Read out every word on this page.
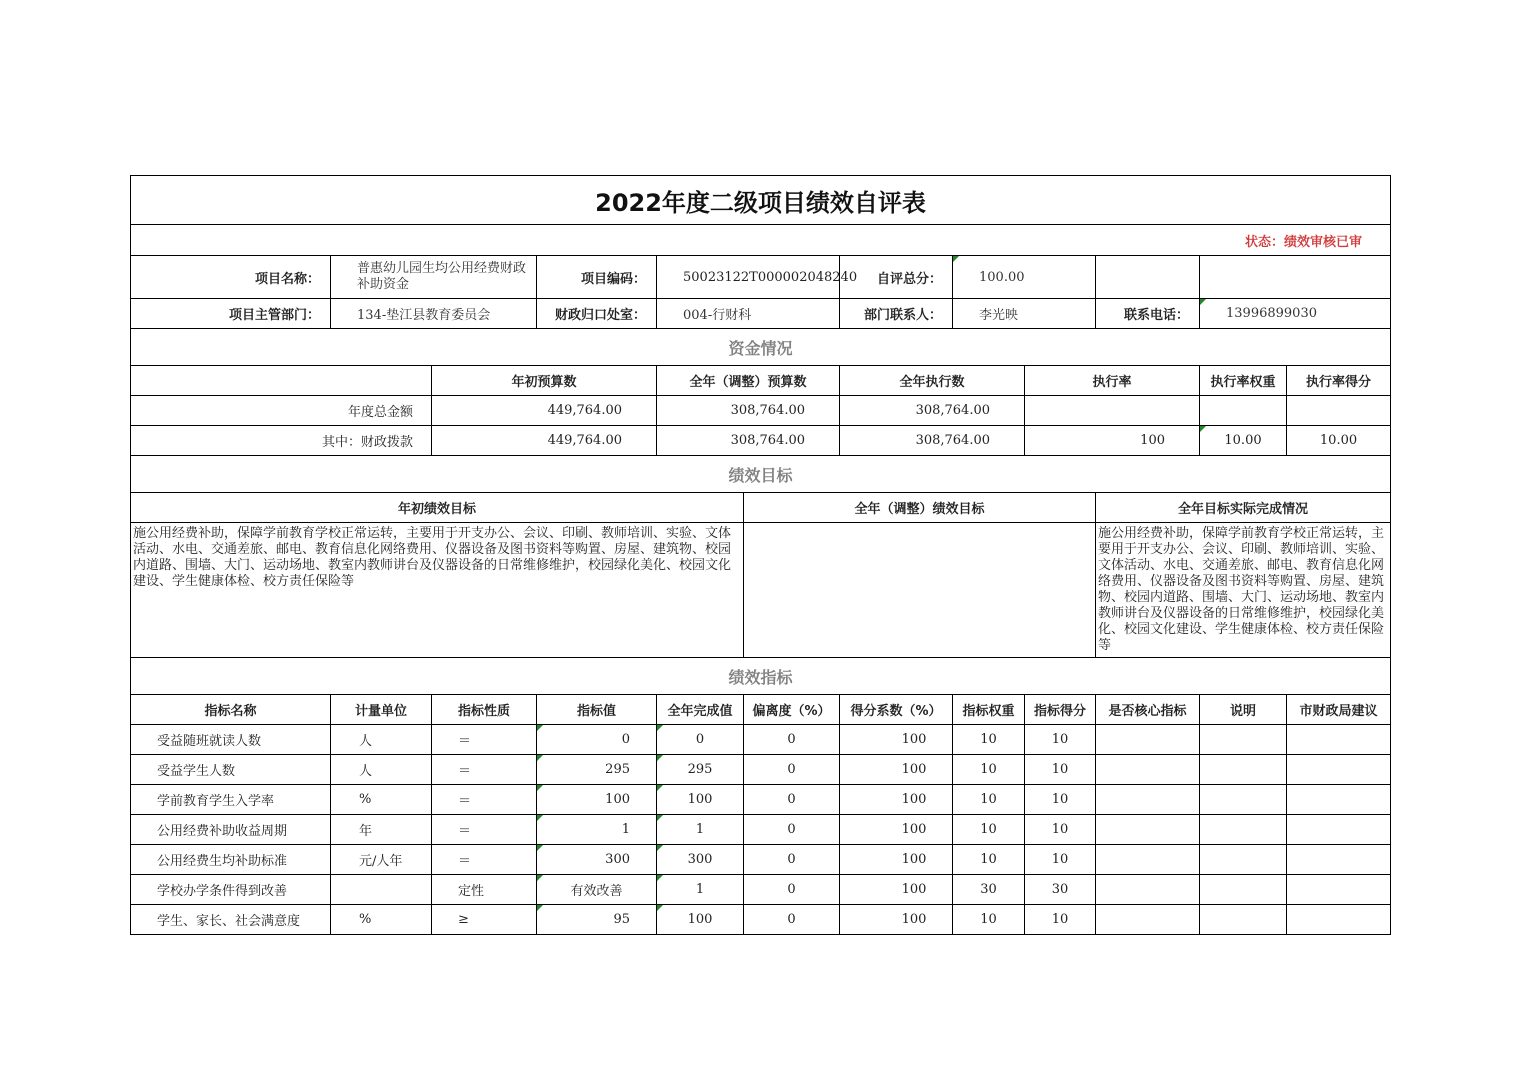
2022年度二级项目绩效自评表											
状态：绩效审核已审											
项目名称：	普惠幼儿园生均公用经费财政补助资金		项目编码：	50023122T000002048240		自评总分：	100.00				
项目主管部门：	134-垫江县教育委员会		财政归口处室：	004-行财科		部门联系人：	李光映		联系电话：	13996899030	
资金情况											
		年初预算数		全年（调整）预算数		全年执行数		执行率		执行率权重	执行率得分
年度总金额		449,764.00		308,764.00		308,764.00					
其中：财政拨款		449,764.00		308,764.00		308,764.00		100		10.00	10.00
绩效目标											
年初绩效目标					全年（调整）绩效目标				全年目标实际完成情况		
施公用经费补助，保障学前教育学校正常运转，主要用于开支办公、会议、印刷、教师培训、实验、文体活动、水电、交通差旅、邮电、教育信息化网络费用、仪器设备及图书资料等购置、房屋、建筑物、校园内道路、围墙、大门、运动场地、教室内教师讲台及仪器设备的日常维修维护，校园绿化美化、校园文化建设、学生健康体检、校方责任保险等									施公用经费补助，保障学前教育学校正常运转，主要用于开支办公、会议、印刷、教师培训、实验、文体活动、水电、交通差旅、邮电、教育信息化网络费用、仪器设备及图书资料等购置、房屋、建筑物、校园内道路、围墙、大门、运动场地、教室内教师讲台及仪器设备的日常维修维护，校园绿化美化、校园文化建设、学生健康体检、校方责任保险等		
绩效指标											
指标名称	计量单位	指标性质	指标值	全年完成值	偏离度（%）	得分系数（%）	指标权重	指标得分	是否核心指标	说明	市财政局建议
受益随班就读人数	人	＝	0	0	0	100	10	10			
受益学生人数	人	＝	295	295	0	100	10	10			
学前教育学生入学率	%	＝	100	100	0	100	10	10			
公用经费补助收益周期	年	＝	1	1	0	100	10	10			
公用经费生均补助标准	元/人年	＝	300	300	0	100	10	10			
学校办学条件得到改善		定性	有效改善	1	0	100	30	30			
学生、家长、社会满意度	%	≥	95	100	0	100	10	10			
